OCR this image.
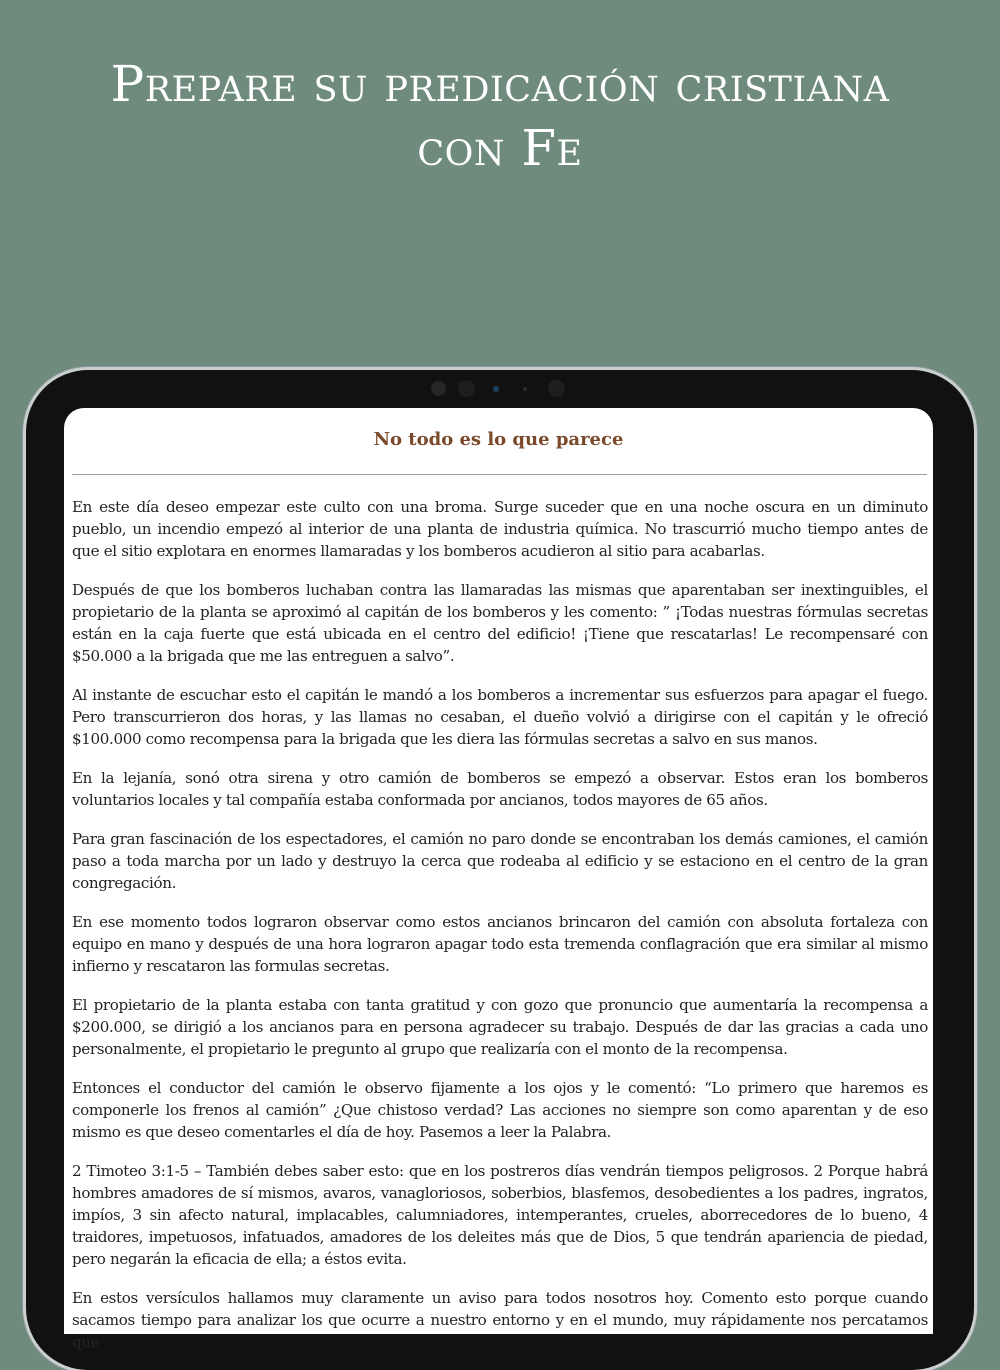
Prepare su predicación cristiana
con Fe
No todo es lo que parece

En este día deseo empezar este culto con una broma. Surge suceder que en una noche oscura en un diminuto pueblo, un incendio empezó al interior de una planta de industria química. No trascurrió mucho tiempo antes de que el sitio explotara en enormes llamaradas y los bomberos acudieron al sitio para acabarlas.

Después de que los bomberos luchaban contra las llamaradas las mismas que aparentaban ser inextinguibles, el propietario de la planta se aproximó al capitán de los bomberos y les comento: ” ¡Todas nuestras fórmulas secretas están en la caja fuerte que está ubicada en el centro del edificio! ¡Tiene que rescatarlas! Le recompensaré con $50.000 a la brigada que me las entreguen a salvo”.

Al instante de escuchar esto el capitán le mandó a los bomberos a incrementar sus esfuerzos para apagar el fuego. Pero transcurrieron dos horas, y las llamas no cesaban, el dueño volvió a dirigirse con el capitán y le ofreció $100.000 como recompensa para la brigada que les diera las fórmulas secretas a salvo en sus manos.

En la lejanía, sonó otra sirena y otro camión de bomberos se empezó a observar. Estos eran los bomberos voluntarios locales y tal compañía estaba conformada por ancianos, todos mayores de 65 años.

Para gran fascinación de los espectadores, el camión no paro donde se encontraban los demás camiones, el camión paso a toda marcha por un lado y destruyo la cerca que rodeaba al edificio y se estaciono en el centro de la gran congregación.

En ese momento todos lograron observar como estos ancianos brincaron del camión con absoluta fortaleza con equipo en mano y después de una hora lograron apagar todo esta tremenda conflagración que era similar al mismo infierno y rescataron las formulas secretas.

El propietario de la planta estaba con tanta gratitud y con gozo que pronuncio que aumentaría la recompensa a $200.000, se dirigió a los ancianos para en persona agradecer su trabajo. Después de dar las gracias a cada uno personalmente, el propietario le pregunto al grupo que realizaría con el monto de la recompensa.

Entonces el conductor del camión le observo fijamente a los ojos y le comentó: “Lo primero que haremos es componerle los frenos al camión” ¿Que chistoso verdad? Las acciones no siempre son como aparentan y de eso mismo es que deseo comentarles el día de hoy. Pasemos a leer la Palabra.

2 Timoteo 3:1-5 – También debes saber esto: que en los postreros días vendrán tiempos peligrosos. 2 Porque habrá hombres amadores de sí mismos, avaros, vanagloriosos, soberbios, blasfemos, desobedientes a los padres, ingratos, impíos, 3 sin afecto natural, implacables, calumniadores, intemperantes, crueles, aborrecedores de lo bueno, 4 traidores, impetuosos, infatuados, amadores de los deleites más que de Dios, 5 que tendrán apariencia de piedad, pero negarán la eficacia de ella; a éstos evita.

En estos versículos hallamos muy claramente un aviso para todos nosotros hoy. Comento esto porque cuando sacamos tiempo para analizar los que ocurre a nuestro entorno y en el mundo, muy rápidamente nos percatamos que
